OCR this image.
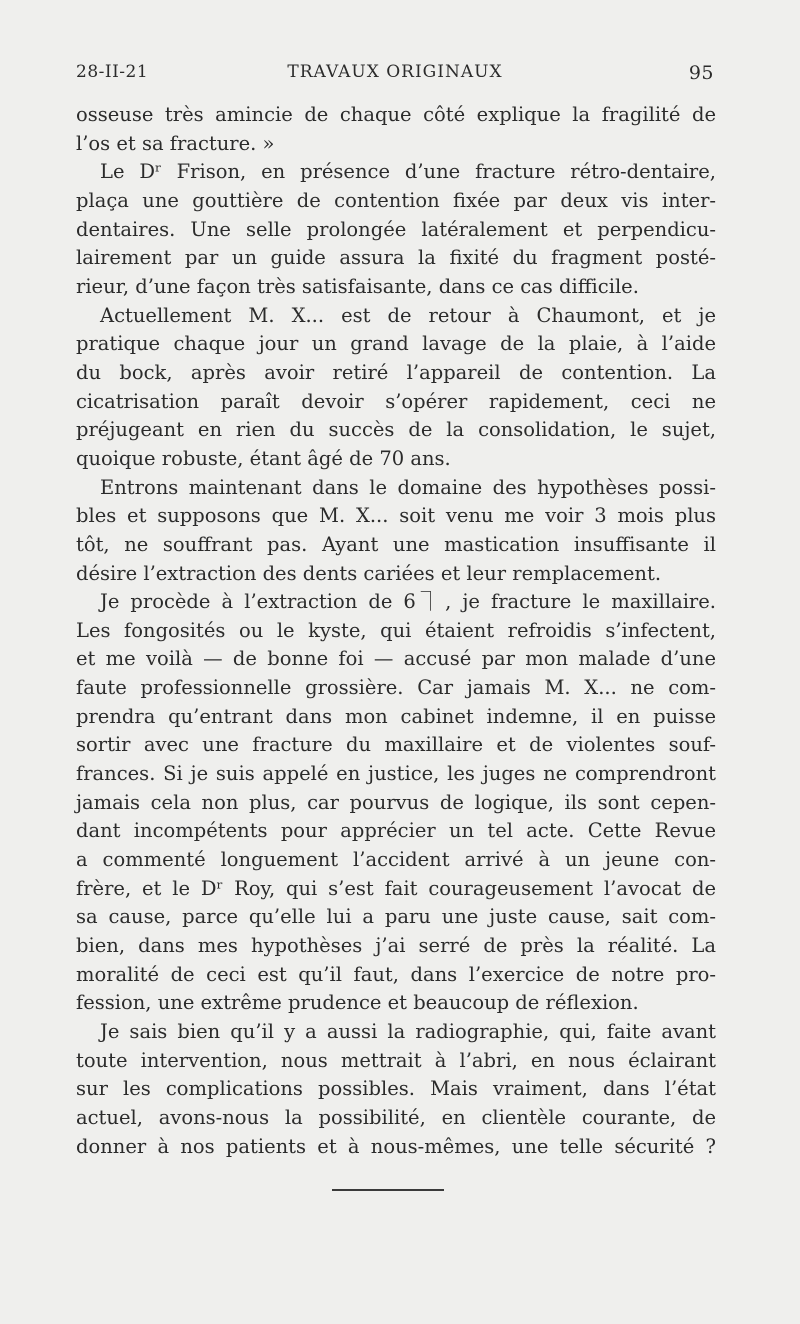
28-II-21	TRAVAUX ORIGINAUX	95
osseuse très amincie de chaque côté explique la fragilité de
l’os et sa fracture. »
Le Dʳ Frison, en présence d’une fracture rétro-dentaire,
plaça une gouttière de contention fixée par deux vis inter-
dentaires. Une selle prolongée latéralement et perpendicu-
lairement par un guide assura la fixité du fragment posté-
rieur, d’une façon très satisfaisante, dans ce cas difficile.
Actuellement M. X... est de retour à Chaumont, et je
pratique chaque jour un grand lavage de la plaie, à l’aide
du bock, après avoir retiré l’appareil de contention. La
cicatrisation paraît devoir s’opérer rapidement, ceci ne
préjugeant en rien du succès de la consolidation, le sujet,
quoique robuste, étant âgé de 70 ans.
Entrons maintenant dans le domaine des hypothèses possi-
bles et supposons que M. X... soit venu me voir 3 mois plus
tôt, ne souffrant pas. Ayant une mastication insuffisante il
désire l’extraction des dents cariées et leur remplacement.
Je procède à l’extraction de 6⏋, je fracture le maxillaire.
Les fongosités ou le kyste, qui étaient refroidis s’infectent,
et me voilà — de bonne foi — accusé par mon malade d’une
faute professionnelle grossière. Car jamais M. X... ne com-
prendra qu’entrant dans mon cabinet indemne, il en puisse
sortir avec une fracture du maxillaire et de violentes souf-
frances. Si je suis appelé en justice, les juges ne comprendront
jamais cela non plus, car pourvus de logique, ils sont cepen-
dant incompétents pour apprécier un tel acte. Cette Revue
a commenté longuement l’accident arrivé à un jeune con-
frère, et le Dʳ Roy, qui s’est fait courageusement l’avocat de
sa cause, parce qu’elle lui a paru une juste cause, sait com-
bien, dans mes hypothèses j’ai serré de près la réalité. La
moralité de ceci est qu’il faut, dans l’exercice de notre pro-
fession, une extrême prudence et beaucoup de réflexion.
Je sais bien qu’il y a aussi la radiographie, qui, faite avant
toute intervention, nous mettrait à l’abri, en nous éclairant
sur les complications possibles. Mais vraiment, dans l’état
actuel, avons-nous la possibilité, en clientèle courante, de
donner à nos patients et à nous-mêmes, une telle sécurité ?
